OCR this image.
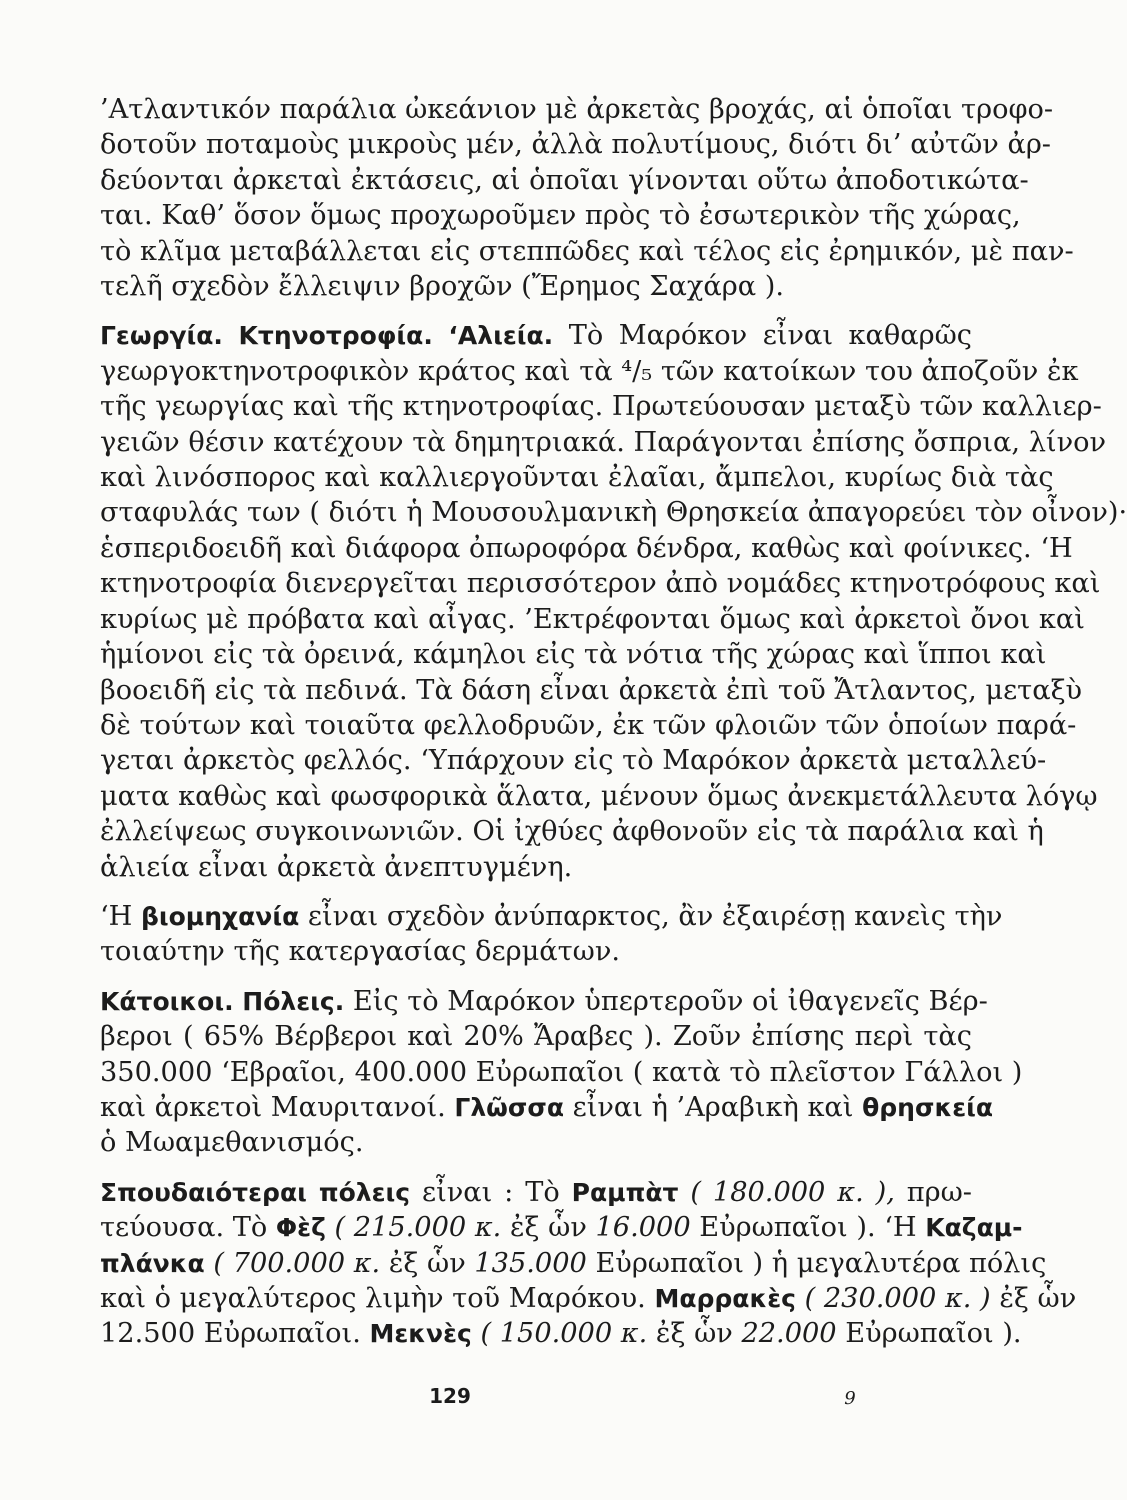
’Ατλαντικόν παράλια ὠκεάνιον μὲ ἀρκετὰς βροχάς, αἱ ὁποῖαι τροφο-
δοτοῦν ποταμοὺς μικροὺς μέν, ἀλλὰ πολυτίμους, διότι δι’ αὐτῶν ἀρ-
δεύονται ἀρκεταὶ ἐκτάσεις, αἱ ὁποῖαι γίνονται οὕτω ἀποδοτικώτα-
ται. Καθ’ ὅσον ὅμως προχωροῦμεν πρὸς τὸ ἐσωτερικὸν τῆς χώρας,
τὸ κλῖμα μεταβάλλεται εἰς στεππῶδες καὶ τέλος εἰς ἐρημικόν, μὲ παν-
τελῆ σχεδὸν ἔλλειψιν βροχῶν (Ἔρημος Σαχάρα ).
Γεωργία. Κτηνοτροφία. ‘Αλιεία. Τὸ Μαρόκον εἶναι καθαρῶς
γεωργοκτηνοτροφικὸν κράτος καὶ τὰ ⁴/₅ τῶν κατοίκων του ἀποζοῦν ἐκ
τῆς γεωργίας καὶ τῆς κτηνοτροφίας. Πρωτεύουσαν μεταξὺ τῶν καλλιερ-
γειῶν θέσιν κατέχουν τὰ δημητριακά. Παράγονται ἐπίσης ὄσπρια, λίνον
καὶ λινόσπορος καὶ καλλιεργοῦνται ἐλαῖαι, ἄμπελοι, κυρίως διὰ τὰς
σταφυλάς των ( διότι ἡ Μουσουλμανικὴ Θρησκεία ἀπαγορεύει τὸν οἶνον)·
ἑσπεριδοειδῆ καὶ διάφορα ὀπωροφόρα δένδρα, καθὼς καὶ φοίνικες. ‘Η
κτηνοτροφία διενεργεῖται περισσότερον ἀπὸ νομάδες κτηνοτρόφους καὶ
κυρίως μὲ πρόβατα καὶ αἶγας. ’Εκτρέφονται ὅμως καὶ ἀρκετοὶ ὄνοι καὶ
ἡμίονοι εἰς τὰ ὀρεινά, κάμηλοι εἰς τὰ νότια τῆς χώρας καὶ ἵπποι καὶ
βοοειδῆ εἰς τὰ πεδινά. Τὰ δάση εἶναι ἀρκετὰ ἐπὶ τοῦ Ἄτλαντος, μεταξὺ
δὲ τούτων καὶ τοιαῦτα φελλοδρυῶν, ἐκ τῶν φλοιῶν τῶν ὁποίων παρά-
γεται ἀρκετὸς φελλός. ‘Υπάρχουν εἰς τὸ Μαρόκον ἀρκετὰ μεταλλεύ-
ματα καθὼς καὶ φωσφορικὰ ἅλατα, μένουν ὅμως ἀνεκμετάλλευτα λόγῳ
ἐλλείψεως συγκοινωνιῶν. Οἱ ἰχθύες ἀφθονοῦν εἰς τὰ παράλια καὶ ἡ
ἁλιεία εἶναι ἀρκετὰ ἀνεπτυγμένη.
‘Η βιομηχανία εἶναι σχεδὸν ἀνύπαρκτος, ἂν ἐξαιρέσῃ κανεὶς τὴν
τοιαύτην τῆς κατεργασίας δερμάτων.
Κάτοικοι. Πόλεις. Εἰς τὸ Μαρόκον ὑπερτεροῦν οἱ ἰθαγενεῖς Βέρ-
βεροι ( 65% Βέρβεροι καὶ 20% Ἄραβες ). Ζοῦν ἐπίσης περὶ τὰς
350.000 ‘Εβραῖοι, 400.000 Εὐρωπαῖοι ( κατὰ τὸ πλεῖστον Γάλλοι )
καὶ ἀρκετοὶ Μαυριτανοί. Γλῶσσα εἶναι ἡ ’Αραβικὴ καὶ θρησκεία
ὁ Μωαμεθανισμός.
Σπουδαιότεραι πόλεις εἶναι : Τὸ Ραμπὰτ ( 180.000 κ. ), πρω-
τεύουσα. Τὸ Φὲζ ( 215.000 κ. ἐξ ὧν 16.000 Εὐρωπαῖοι ). ‘Η Καζαμ-
πλάνκα ( 700.000 κ. ἐξ ὧν 135.000 Εὐρωπαῖοι ) ἡ μεγαλυτέρα πόλις
καὶ ὁ μεγαλύτερος λιμὴν τοῦ Μαρόκου. Μαρρακὲς ( 230.000 κ. ) ἐξ ὧν
12.500 Εὐρωπαῖοι. Μεκνὲς ( 150.000 κ. ἐξ ὧν 22.000 Εὐρωπαῖοι ).
129	9
